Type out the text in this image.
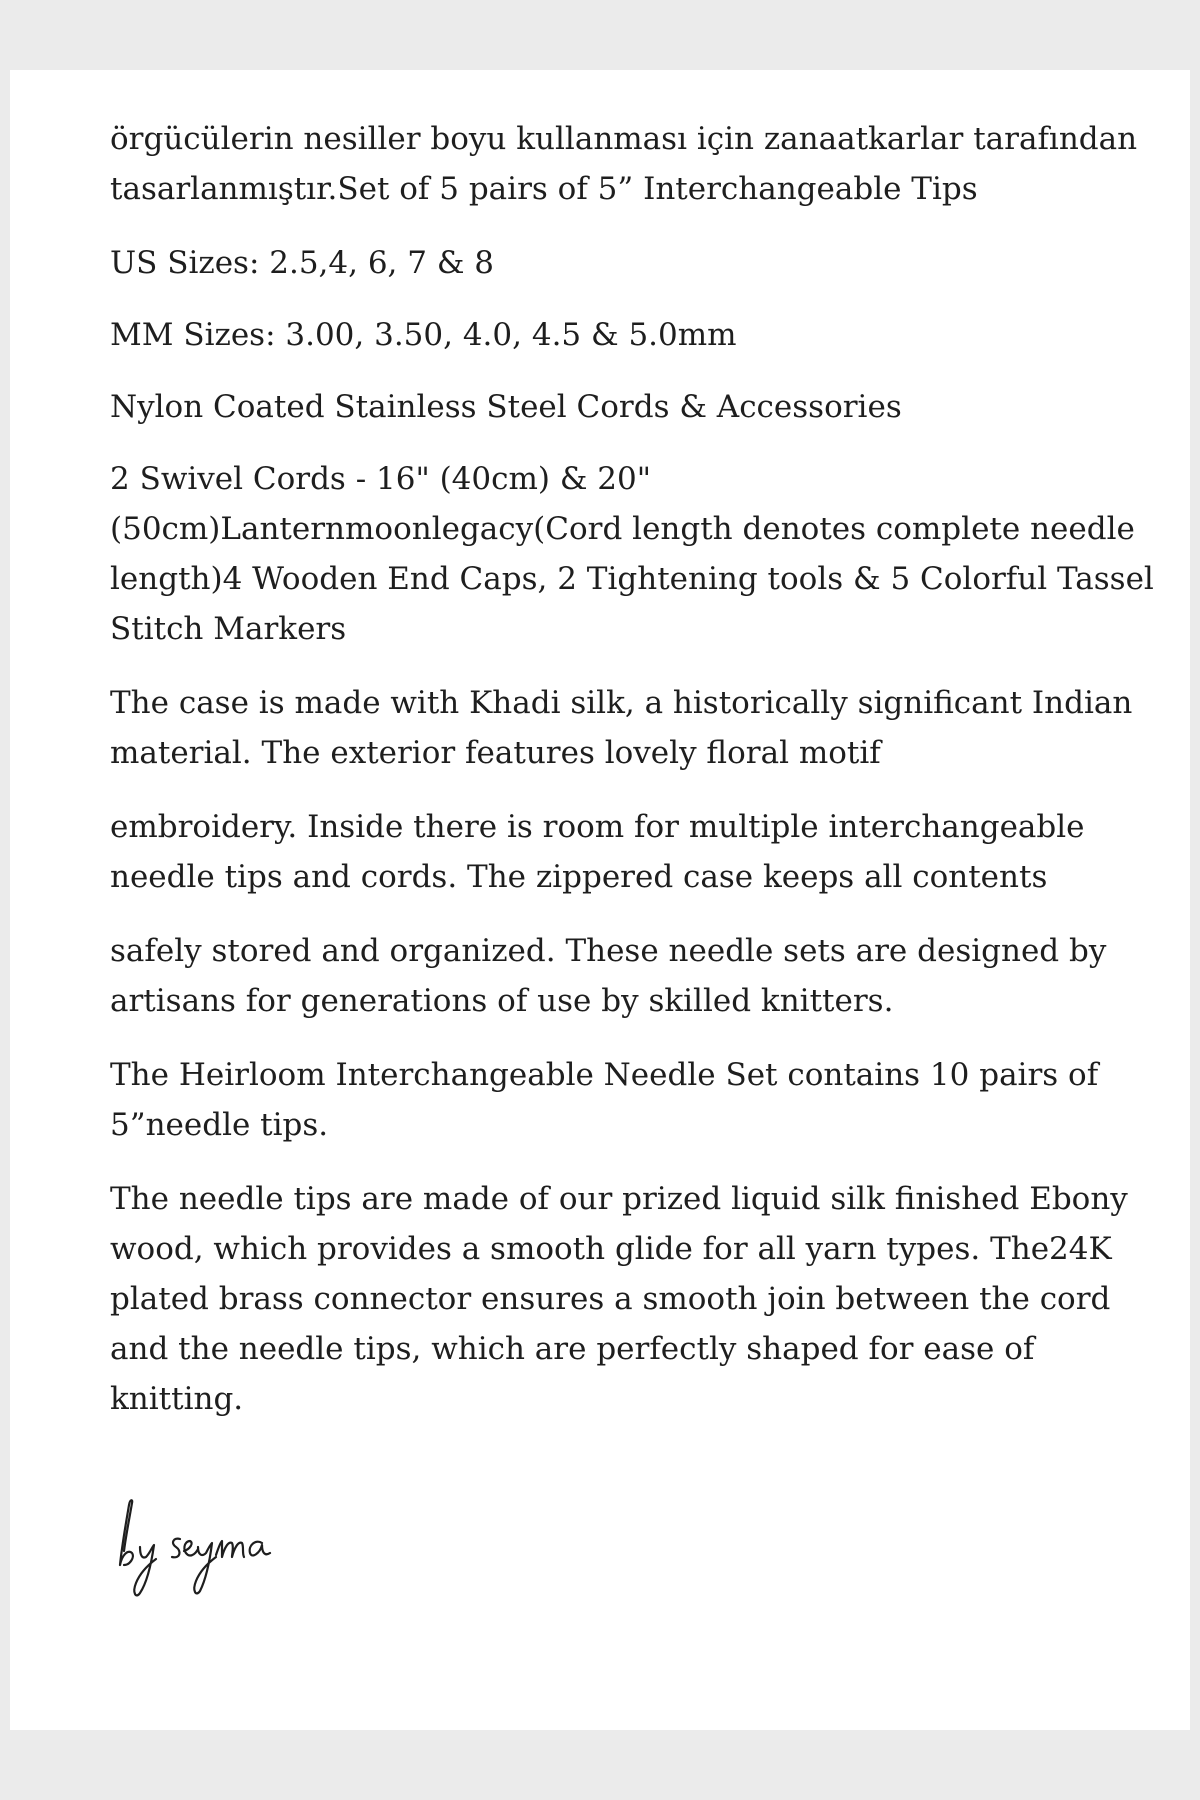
örgücülerin nesiller boyu kullanması için zanaatkarlar tarafından tasarlanmıştır.Set of 5 pairs of 5” Interchangeable Tips

US Sizes: 2.5,4, 6, 7 & 8

MM Sizes: 3.00, 3.50, 4.0, 4.5 & 5.0mm

Nylon Coated Stainless Steel Cords & Accessories

2 Swivel Cords - 16" (40cm) & 20" (50cm)Lanternmoonlegacy(Cord length denotes complete needle length)4 Wooden End Caps, 2 Tightening tools & 5 Colorful Tassel Stitch Markers

The case is made with Khadi silk, a historically significant Indian material. The exterior features lovely floral motif

embroidery. Inside there is room for multiple interchangeable needle tips and cords. The zippered case keeps all contents

safely stored and organized. These needle sets are designed by artisans for generations of use by skilled knitters.

The Heirloom Interchangeable Needle Set contains 10 pairs of 5”needle tips.

The needle tips are made of our prized liquid silk finished Ebony wood, which provides a smooth glide for all yarn types. The24K plated brass connector ensures a smooth join between the cord and the needle tips, which are perfectly shaped for ease of knitting.
